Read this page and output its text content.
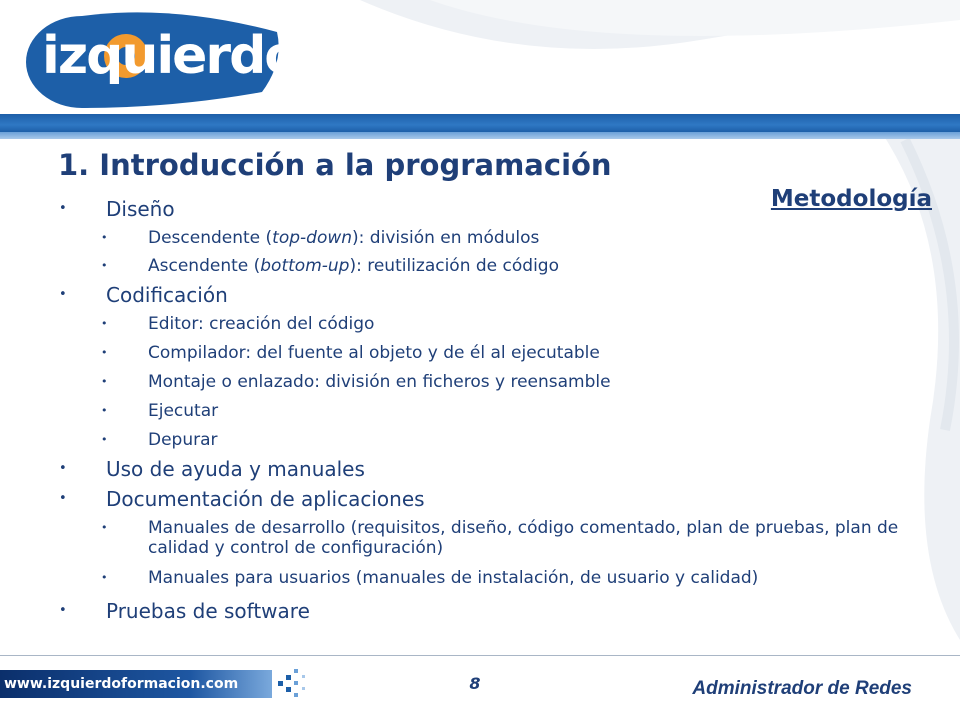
izquierdo
1. Introducción a la programación
Metodología

• Diseño

• Descendente (top-down): división en módulos

• Ascendente (bottom-up): reutilización de código

• Codificación

• Editor: creación del código

• Compilador: del fuente al objeto y de él al ejecutable

• Montaje o enlazado: división en ficheros y reensamble

• Ejecutar

• Depurar

• Uso de ayuda y manuales

• Documentación de aplicaciones

• Manuales de desarrollo (requisitos, diseño, código comentado, plan de pruebas, plan de calidad y control de configuración)

• Manuales para usuarios (manuales de instalación, de usuario y calidad)

• Pruebas de software

www.izquierdoformacion.com	8	Administrador de Redes
